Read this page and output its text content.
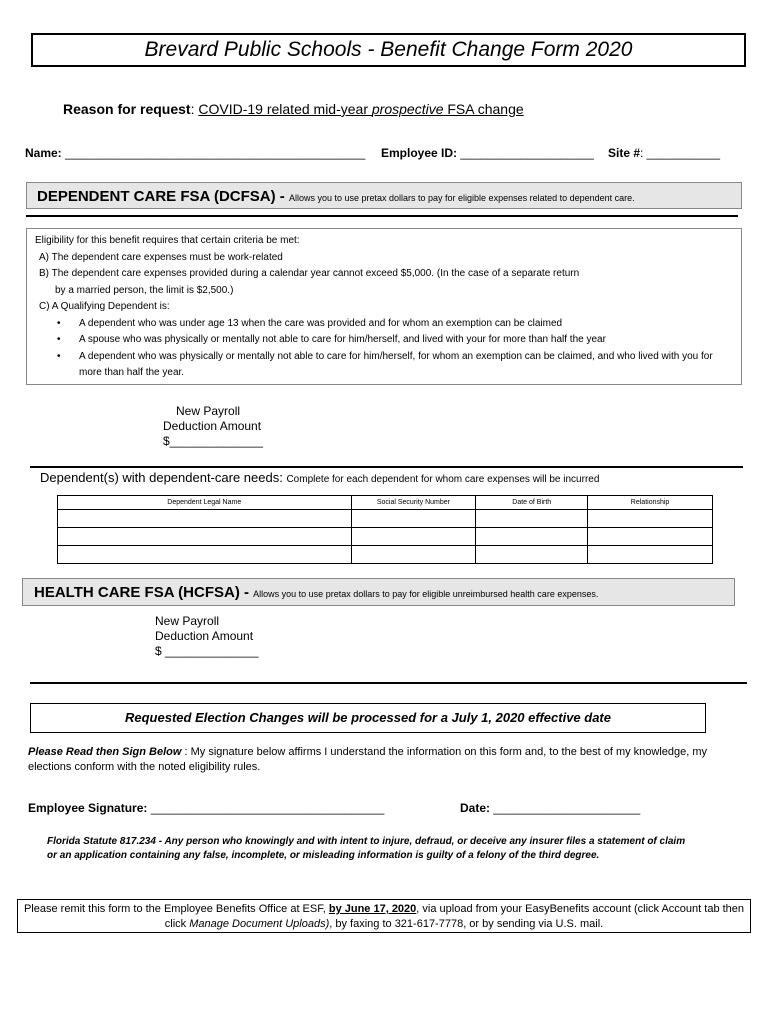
Brevard Public Schools - Benefit Change Form 2020
Reason for request: COVID-19 related mid-year prospective FSA change
Name: _____________________________________________ Employee ID: ____________________ Site #: ___________
DEPENDENT CARE FSA (DCFSA) - Allows you to use pretax dollars to pay for eligible expenses related to dependent care.
Eligibility for this benefit requires that certain criteria be met:
A) The dependent care expenses must be work-related
B) The dependent care expenses provided during a calendar year cannot exceed $5,000. (In the case of a separate return
by a married person, the limit is $2,500.)
C) A Qualifying Dependent is:
• A dependent who was under age 13 when the care was provided and for whom an exemption can be claimed
• A spouse who was physically or mentally not able to care for him/herself, and lived with your for more than half the year
• A dependent who was physically or mentally not able to care for him/herself, for whom an exemption can be claimed, and who lived with you for more than half the year.
New Payroll
Deduction Amount
$______________
Dependent(s) with dependent-care needs: Complete for each dependent for whom care expenses will be incurred
Dependent Legal Name	Social Security Number	Date of Birth	Relationship

HEALTH CARE FSA (HCFSA) - Allows you to use pretax dollars to pay for eligible unreimbursed health care expenses.
New Payroll
Deduction Amount
$ ______________
Requested Election Changes will be processed for a July 1, 2020 effective date
Please Read then Sign Below : My signature below affirms I understand the information on this form and, to the best of my knowledge, my elections conform with the noted eligibility rules.
Employee Signature: ___________________________________	Date: ______________________
Florida Statute 817.234 - Any person who knowingly and with intent to injure, defraud, or deceive any insurer files a statement of claim or an application containing any false, incomplete, or misleading information is guilty of a felony of the third degree.
Please remit this form to the Employee Benefits Office at ESF, by June 17, 2020, via upload from your EasyBenefits account (click Account tab then click Manage Document Uploads), by faxing to 321-617-7778, or by sending via U.S. mail.
